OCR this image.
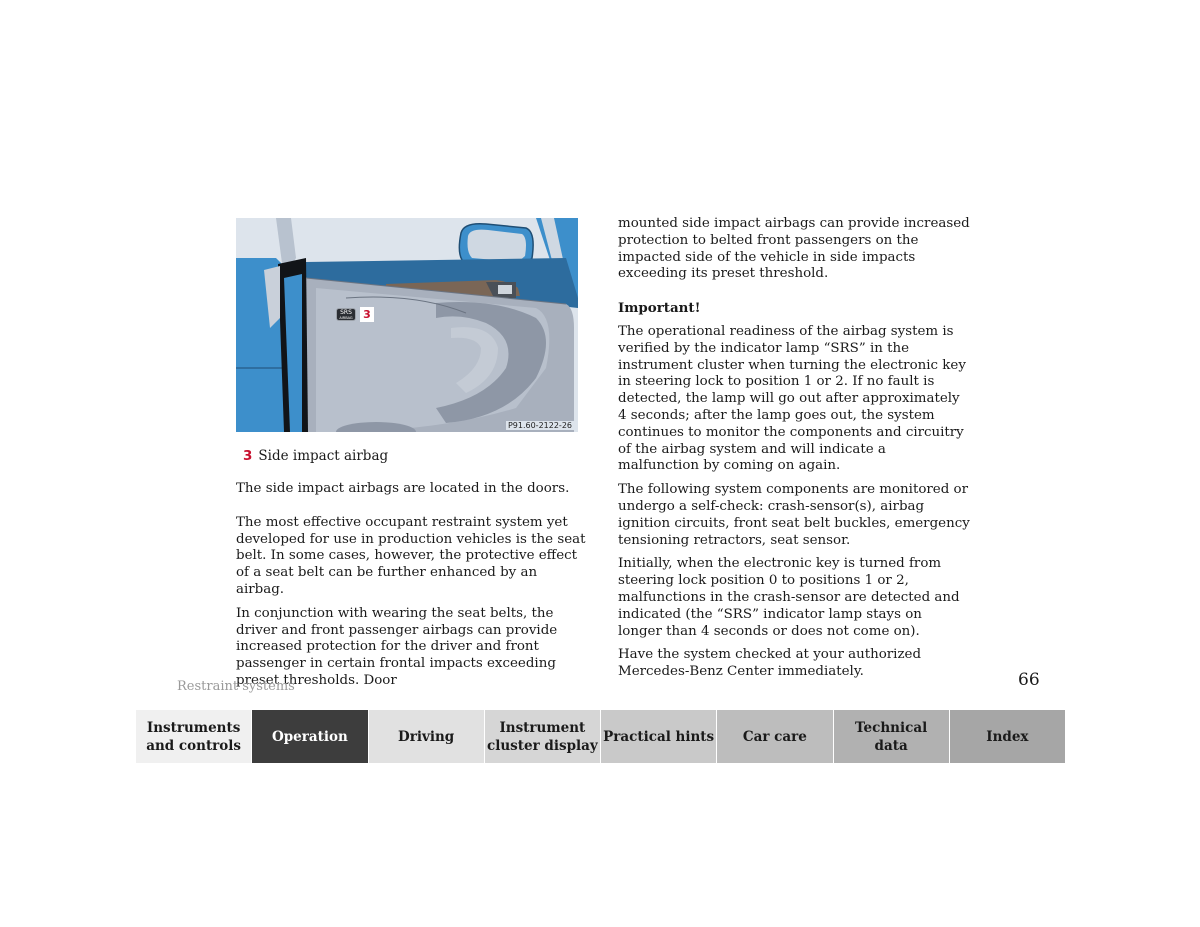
SRS
AIRBAG 3
P91.60-2122-26
3 Side impact airbag

The side impact airbags are located in the doors.

The most effective occupant restraint system yet developed for use in production vehicles is the seat belt. In some cases, however, the protective effect of a seat belt can be further enhanced by an airbag.

In conjunction with wearing the seat belts, the driver and front passenger airbags can provide increased protection for the driver and front passenger in certain frontal impacts exceeding preset thresholds. Door

mounted side impact airbags can provide increased protection to belted front passengers on the impacted side of the vehicle in side impacts exceeding its preset threshold.

Important!

The operational readiness of the airbag system is verified by the indicator lamp “SRS” in the instrument cluster when turning the electronic key in steering lock to position 1 or 2. If no fault is detected, the lamp will go out after approximately 4 seconds; after the lamp goes out, the system continues to monitor the components and circuitry of the airbag system and will indicate a malfunction by coming on again.

The following system components are monitored or undergo a self-check: crash-sensor(s), airbag ignition circuits, front seat belt buckles, emergency tensioning retractors, seat sensor.

Initially, when the electronic key is turned from steering lock position 0 to positions 1 or 2, malfunctions in the crash-sensor are detected and indicated (the “SRS” indicator lamp stays on longer than 4 seconds or does not come on).

Have the system checked at your authorized Mercedes-Benz Center immediately.

Restraint systems	66
Instruments
and controls
Operation	Driving
Instrument
cluster display
Practical hints Car care
Technical
data
Index
